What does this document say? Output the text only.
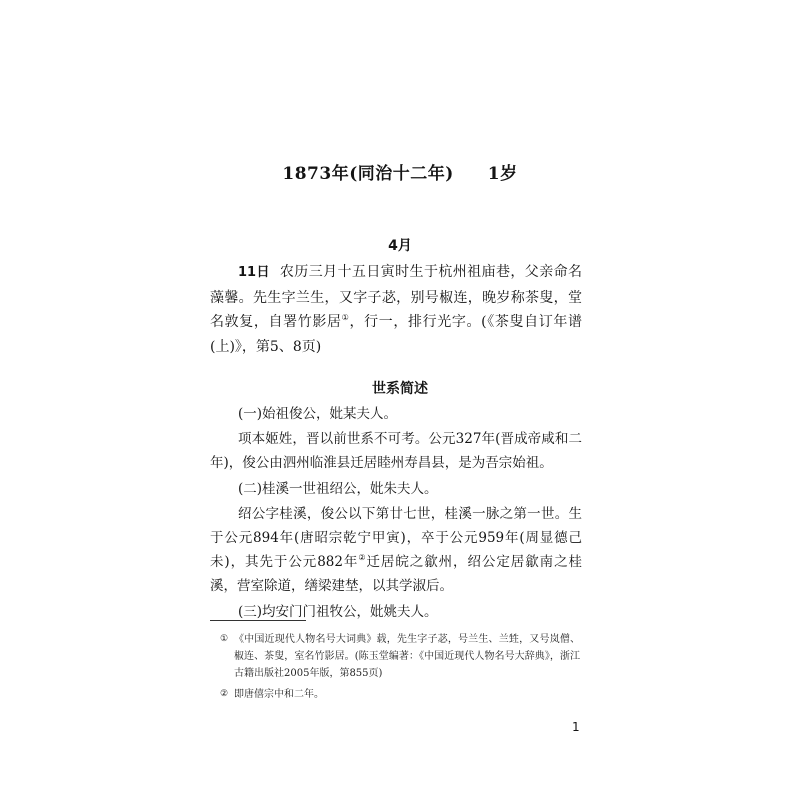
1873年(同治十二年) 1岁
4月
11日 农历三月十五日寅时生于杭州祖庙巷，父亲命名藻馨。先生字兰生，又字子苾，别号椒连，晚岁称茶叟，堂名敦复，自署竹影居①，行一，排行光字。(《茶叟自订年谱(上)》，第5、8页)
世系简述

(一)始祖俊公，妣某夫人。

项本姬姓，晋以前世系不可考。公元327年(晋成帝咸和二年)，俊公由泗州临淮县迁居睦州寿昌县，是为吾宗始祖。

(二)桂溪一世祖绍公，妣朱夫人。

绍公字桂溪，俊公以下第廿七世，桂溪一脉之第一世。生于公元894年(唐昭宗乾宁甲寅)，卒于公元959年(周显德己未)，其先于公元882年②迁居皖之歙州，绍公定居歙南之桂溪，营室除道，缮梁建埜，以其学淑后。

(三)均安门门祖牧公，妣姚夫人。

① 《中国近现代人物名号大词典》载，先生字子苾，号兰生、兰甡，又号岚僧、椒连、茶叟，室名竹影居。(陈玉堂编著：《中国近现代人物名号大辞典》，浙江古籍出版社2005年版，第855页)
② 即唐僖宗中和二年。
1
